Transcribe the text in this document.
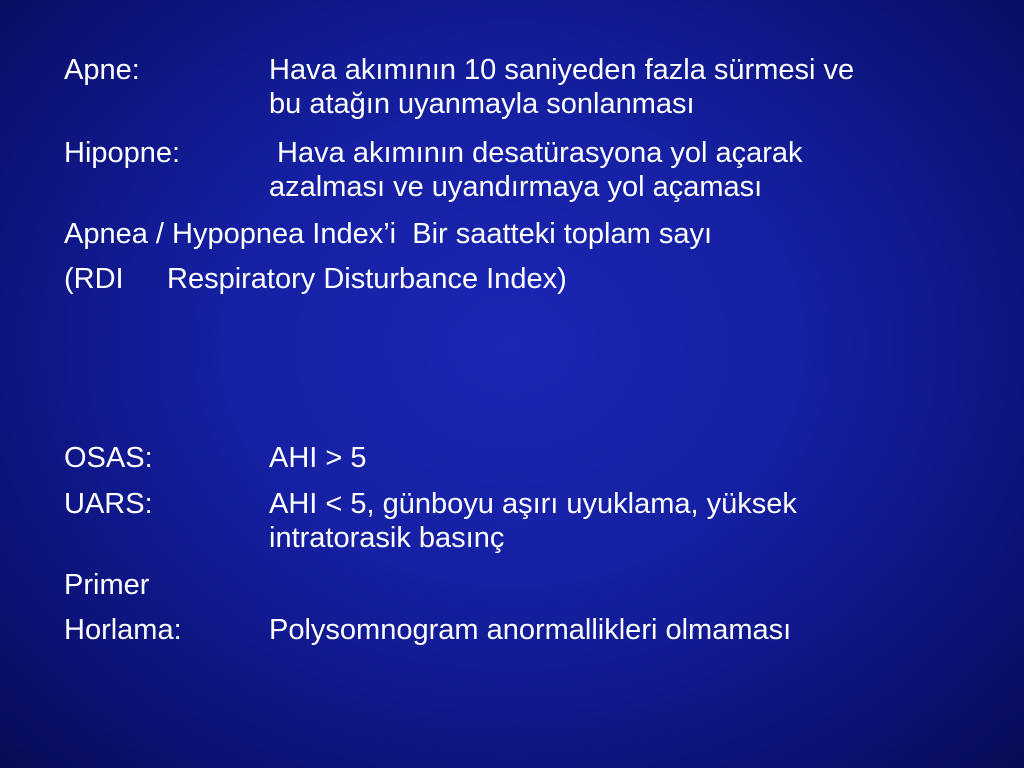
Apne:	Hava akımının 10 saniyeden fazla sürmesi ve
bu atağın uyanmayla sonlanması
Hipopne:	Hava akımının desatürasyona yol açarak
azalması ve uyandırmaya yol açaması
Apnea / Hypopnea Index’i  Bir saatteki toplam sayı
(RDI Respiratory Disturbance Index)
OSAS:	AHI > 5
UARS:	AHI < 5, günboyu aşırı uyuklama, yüksek
intratorasik basınç
Primer
Horlama:	Polysomnogram anormallikleri olmaması
